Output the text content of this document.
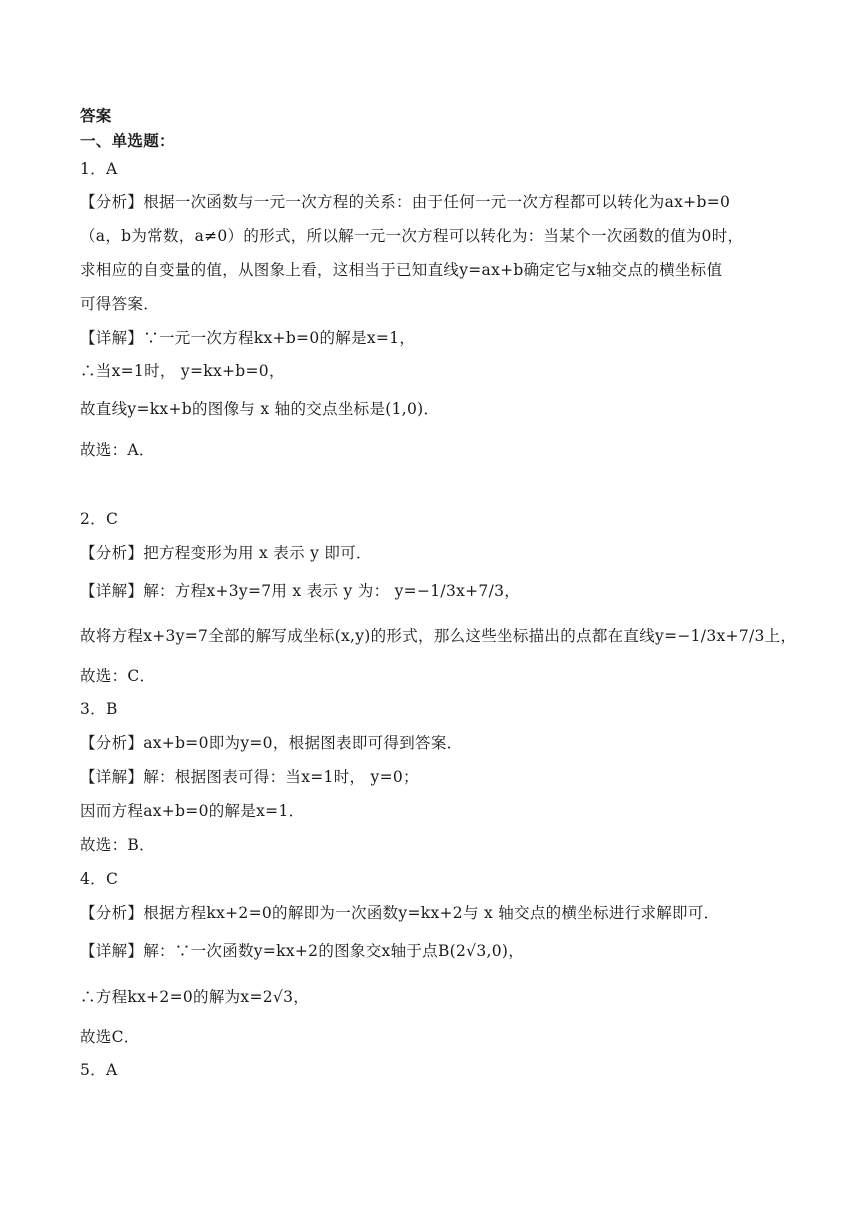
答案
一、单选题：
1．A
【分析】根据一次函数与一元一次方程的关系：由于任何一元一次方程都可以转化为ax+b=0
（a，b为常数，a≠0）的形式，所以解一元一次方程可以转化为：当某个一次函数的值为0时，
求相应的自变量的值，从图象上看，这相当于已知直线y=ax+b确定它与x轴交点的横坐标值
可得答案．
【详解】∵一元一次方程kx+b=0的解是x=1，
∴当x=1时， y=kx+b=0，
故直线y=kx+b的图像与 x 轴的交点坐标是(1,0)．
故选：A．
2．C
【分析】把方程变形为用 x 表示 y 即可．
【详解】解：方程x+3y=7用 x 表示 y 为： y=−1/3x+7/3，
故将方程x+3y=7全部的解写成坐标(x,y)的形式，那么这些坐标描出的点都在直线y=−1/3x+7/3上，
故选：C．
3．B
【分析】ax+b=0即为y=0，根据图表即可得到答案．
【详解】解：根据图表可得：当x=1时， y=0；
因而方程ax+b=0的解是x=1．
故选：B．
4．C
【分析】根据方程kx+2=0的解即为一次函数y=kx+2与 x 轴交点的横坐标进行求解即可．
【详解】解：∵一次函数y=kx+2的图象交x轴于点B(2√3,0)，
∴方程kx+2=0的解为x=2√3，
故选C．
5．A
